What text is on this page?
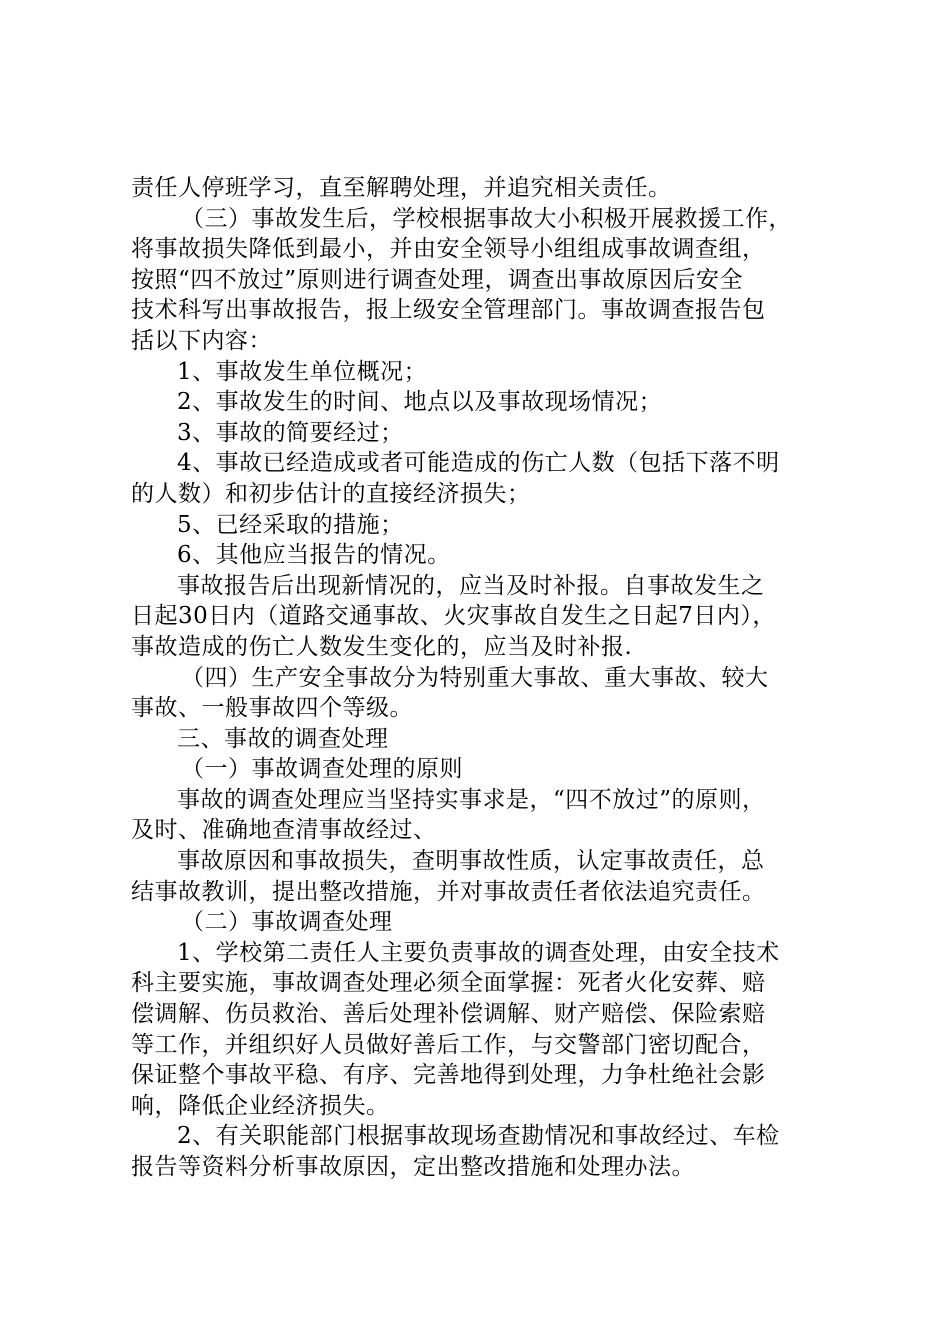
责任人停班学习，直至解聘处理，并追究相关责任。
（三）事故发生后，学校根据事故大小积极开展救援工作，
将事故损失降低到最小，并由安全领导小组组成事故调查组，
按照“四不放过”原则进行调查处理，调查出事故原因后安全
技术科写出事故报告，报上级安全管理部门。事故调查报告包
括以下内容：
1、事故发生单位概况；
2、事故发生的时间、地点以及事故现场情况；
3、事故的简要经过；
4、事故已经造成或者可能造成的伤亡人数（包括下落不明
的人数）和初步估计的直接经济损失；
5、已经采取的措施；
6、其他应当报告的情况。
事故报告后出现新情况的，应当及时补报。自事故发生之
日起30日内（道路交通事故、火灾事故自发生之日起7日内），
事故造成的伤亡人数发生变化的，应当及时补报.
（四）生产安全事故分为特别重大事故、重大事故、较大
事故、一般事故四个等级。
三、事故的调查处理
（一）事故调查处理的原则
事故的调查处理应当坚持实事求是，“四不放过”的原则，
及时、准确地查清事故经过、
事故原因和事故损失，查明事故性质，认定事故责任，总
结事故教训，提出整改措施，并对事故责任者依法追究责任。
（二）事故调查处理
1、学校第二责任人主要负责事故的调查处理，由安全技术
科主要实施，事故调查处理必须全面掌握：死者火化安葬、赔
偿调解、伤员救治、善后处理补偿调解、财产赔偿、保险索赔
等工作，并组织好人员做好善后工作，与交警部门密切配合，
保证整个事故平稳、有序、完善地得到处理，力争杜绝社会影
响，降低企业经济损失。
2、有关职能部门根据事故现场查勘情况和事故经过、车检
报告等资料分析事故原因，定出整改措施和处理办法。
